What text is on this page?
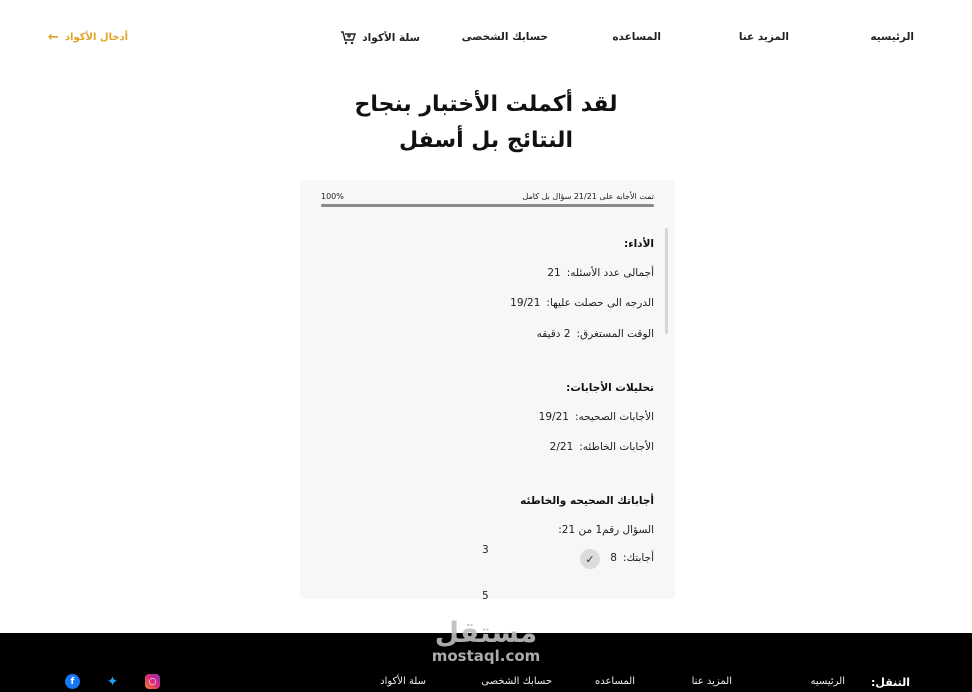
الرئيسيه
المزيد عنا
المساعده
حسابك الشخصى
سلة الأكواد
← أدخال الأكواد
لقد أكملت الأختبار بنجاح
النتائج بل أسفل
100%	تمت الأجابه على 21/21 سؤال بل كامل
الأداء:
أجمالى عدد الأسئله:21
الدرجه الى حصلت عليها:19/21
الوقت المستغرق:2 دقيقه
تحليلات الأجابات:
الأجابات الصحيحه:19/21
الأجابات الخاطئه:2/21
أجاباتك الصحيحه والخاطئه
السؤال رقم1 من 21:
أجابتك:8
✓
3
5
التنقل:
الرئيسيه
المزيد عنا
المساعده
حسابك الشخصى
سلة الأكواد
f	✦	○
مستقل
mostaql.com
